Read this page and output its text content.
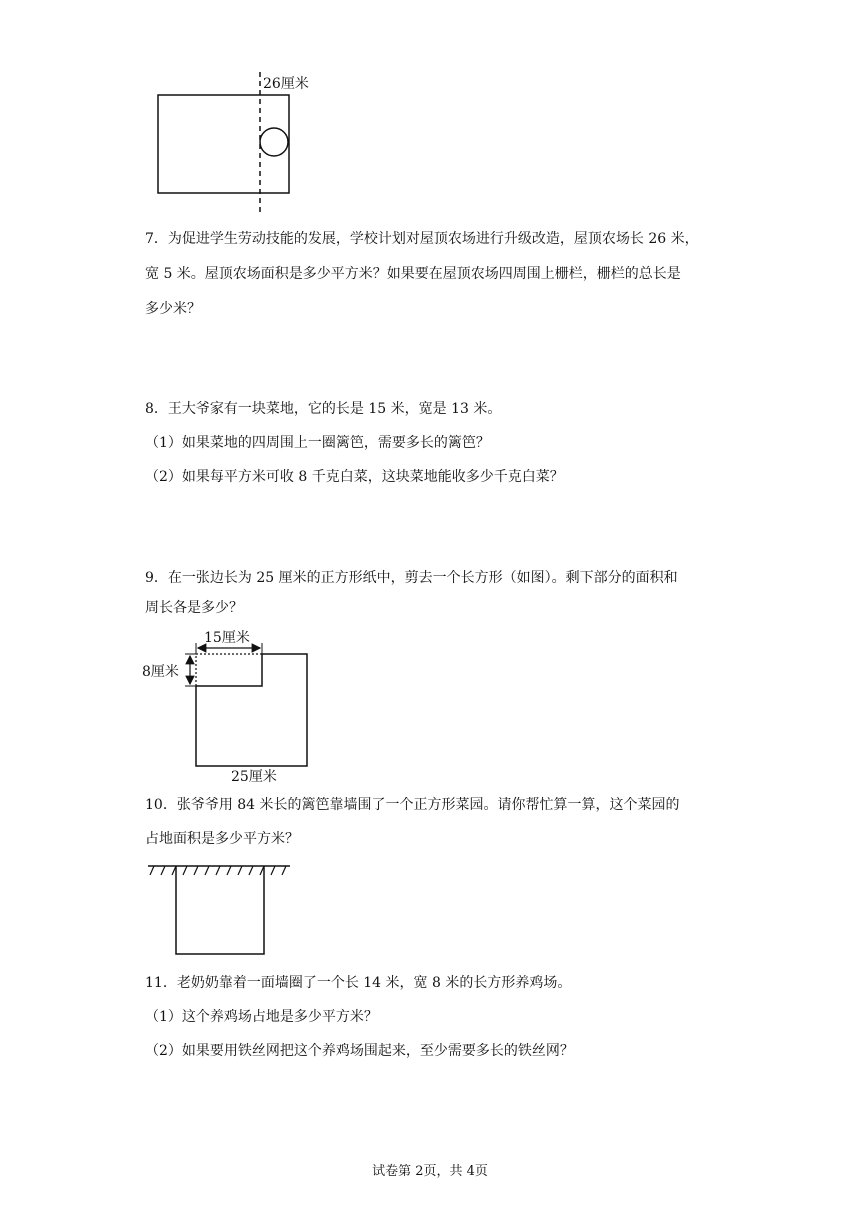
26厘米
7．为促进学生劳动技能的发展，学校计划对屋顶农场进行升级改造，屋顶农场长 26 米，
宽 5 米。屋顶农场面积是多少平方米？如果要在屋顶农场四周围上栅栏，栅栏的总长是
多少米？
8．王大爷家有一块菜地，它的长是 15 米，宽是 13 米。
（1）如果菜地的四周围上一圈篱笆，需要多长的篱笆？
（2）如果每平方米可收 8 千克白菜，这块菜地能收多少千克白菜？
9．在一张边长为 25 厘米的正方形纸中，剪去一个长方形（如图）。剩下部分的面积和
周长各是多少？
15厘米
8厘米
25厘米
10．张爷爷用 84 米长的篱笆靠墙围了一个正方形菜园。请你帮忙算一算，这个菜园的
占地面积是多少平方米？
11．老奶奶靠着一面墙圈了一个长 14 米，宽 8 米的长方形养鸡场。
（1）这个养鸡场占地是多少平方米？
（2）如果要用铁丝网把这个养鸡场围起来，至少需要多长的铁丝网？
试卷第 2页，共 4页
